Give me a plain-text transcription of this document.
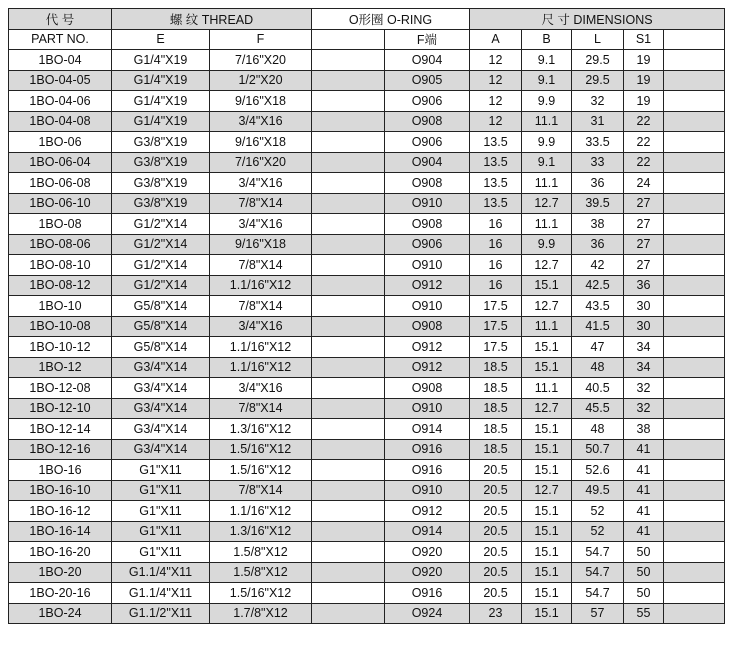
代 号	螺 纹 THREAD		O形圈 O-RING		尺 寸 DIMENSIONS				
PART NO.	E	F		F端	A	B	L	S1	
1BO-04	G1/4"X19	7/16"X20		O904	12	9.1	29.5	19	
1BO-04-05	G1/4"X19	1/2"X20		O905	12	9.1	29.5	19	
1BO-04-06	G1/4"X19	9/16"X18		O906	12	9.9	32	19	
1BO-04-08	G1/4"X19	3/4"X16		O908	12	11.1	31	22	
1BO-06	G3/8"X19	9/16"X18		O906	13.5	9.9	33.5	22	
1BO-06-04	G3/8"X19	7/16"X20		O904	13.5	9.1	33	22	
1BO-06-08	G3/8"X19	3/4"X16		O908	13.5	11.1	36	24	
1BO-06-10	G3/8"X19	7/8"X14		O910	13.5	12.7	39.5	27	
1BO-08	G1/2"X14	3/4"X16		O908	16	11.1	38	27	
1BO-08-06	G1/2"X14	9/16"X18		O906	16	9.9	36	27	
1BO-08-10	G1/2"X14	7/8"X14		O910	16	12.7	42	27	
1BO-08-12	G1/2"X14	1.1/16"X12		O912	16	15.1	42.5	36	
1BO-10	G5/8"X14	7/8"X14		O910	17.5	12.7	43.5	30	
1BO-10-08	G5/8"X14	3/4"X16		O908	17.5	11.1	41.5	30	
1BO-10-12	G5/8"X14	1.1/16"X12		O912	17.5	15.1	47	34	
1BO-12	G3/4"X14	1.1/16"X12		O912	18.5	15.1	48	34	
1BO-12-08	G3/4"X14	3/4"X16		O908	18.5	11.1	40.5	32	
1BO-12-10	G3/4"X14	7/8"X14		O910	18.5	12.7	45.5	32	
1BO-12-14	G3/4"X14	1.3/16"X12		O914	18.5	15.1	48	38	
1BO-12-16	G3/4"X14	1.5/16"X12		O916	18.5	15.1	50.7	41	
1BO-16	G1"X11	1.5/16"X12		O916	20.5	15.1	52.6	41	
1BO-16-10	G1"X11	7/8"X14		O910	20.5	12.7	49.5	41	
1BO-16-12	G1"X11	1.1/16"X12		O912	20.5	15.1	52	41	
1BO-16-14	G1"X11	1.3/16"X12		O914	20.5	15.1	52	41	
1BO-16-20	G1"X11	1.5/8"X12		O920	20.5	15.1	54.7	50	
1BO-20	G1.1/4"X11	1.5/8"X12		O920	20.5	15.1	54.7	50	
1BO-20-16	G1.1/4"X11	1.5/16"X12		O916	20.5	15.1	54.7	50	
1BO-24	G1.1/2"X11	1.7/8"X12		O924	23	15.1	57	55	
